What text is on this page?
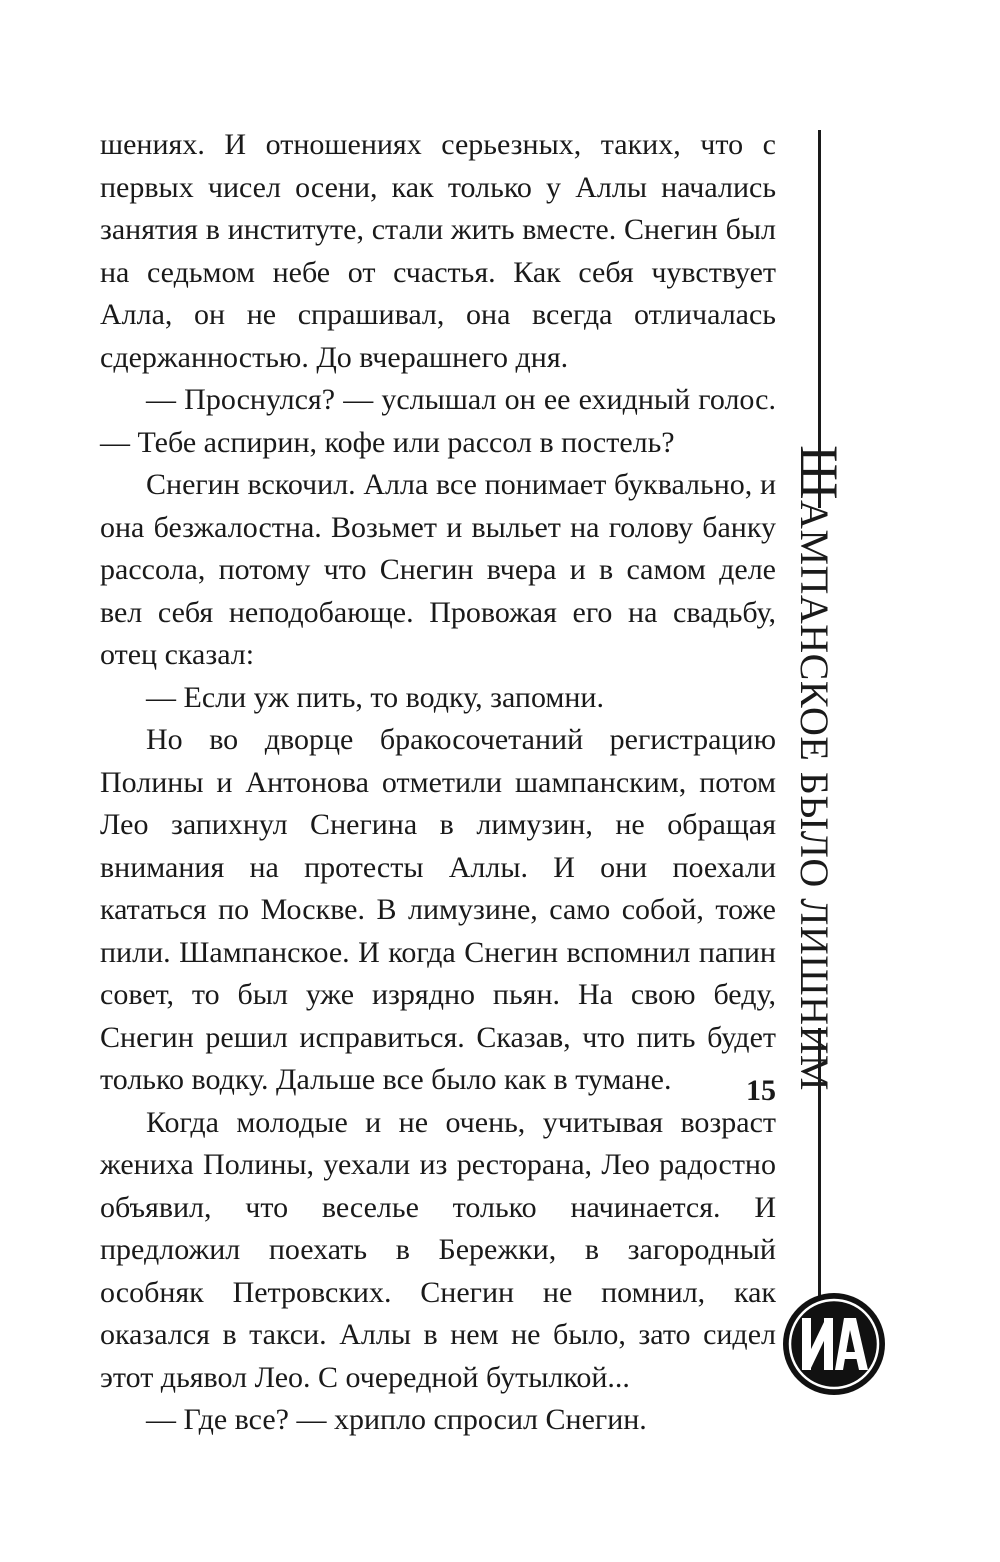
шениях. И отношениях серьезных, таких, что с первых чисел осени, как только у Аллы начались занятия в институте, стали жить вместе. Снегин был на седьмом небе от счастья. Как себя чувствует Алла, он не спрашивал, она всегда отличалась сдержанностью. До вчерашнего дня.

— Проснулся? — услышал он ее ехидный голос. — Тебе аспирин, кофе или рассол в постель?

Снегин вскочил. Алла все понимает буквально, и она безжалостна. Возьмет и выльет на голову банку рассола, потому что Снегин вчера и в самом деле вел себя неподобающе. Провожая его на свадьбу, отец сказал:

— Если уж пить, то водку, запомни.

Но во дворце бракосочетаний регистрацию Полины и Антонова отметили шампанским, потом Лео запихнул Снегина в лимузин, не обращая внимания на протесты Аллы. И они поехали кататься по Москве. В лимузине, само собой, тоже пили. Шампанское. И когда Снегин вспомнил папин совет, то был уже изрядно пьян. На свою беду, Снегин решил исправиться. Сказав, что пить будет только водку. Дальше все было как в тумане.

Когда молодые и не очень, учитывая возраст жениха Полины, уехали из ресторана, Лео радостно объявил, что веселье только начинается. И предложил поехать в Бережки, в загородный особняк Петровских. Снегин не помнил, как оказался в такси. Аллы в нем не было, зато сидел этот дьявол Лео. С очередной бутылкой...

— Где все? — хрипло спросил Снегин.

15
ШАМПАНСКОЕ БЫЛО ЛИШНИМ
